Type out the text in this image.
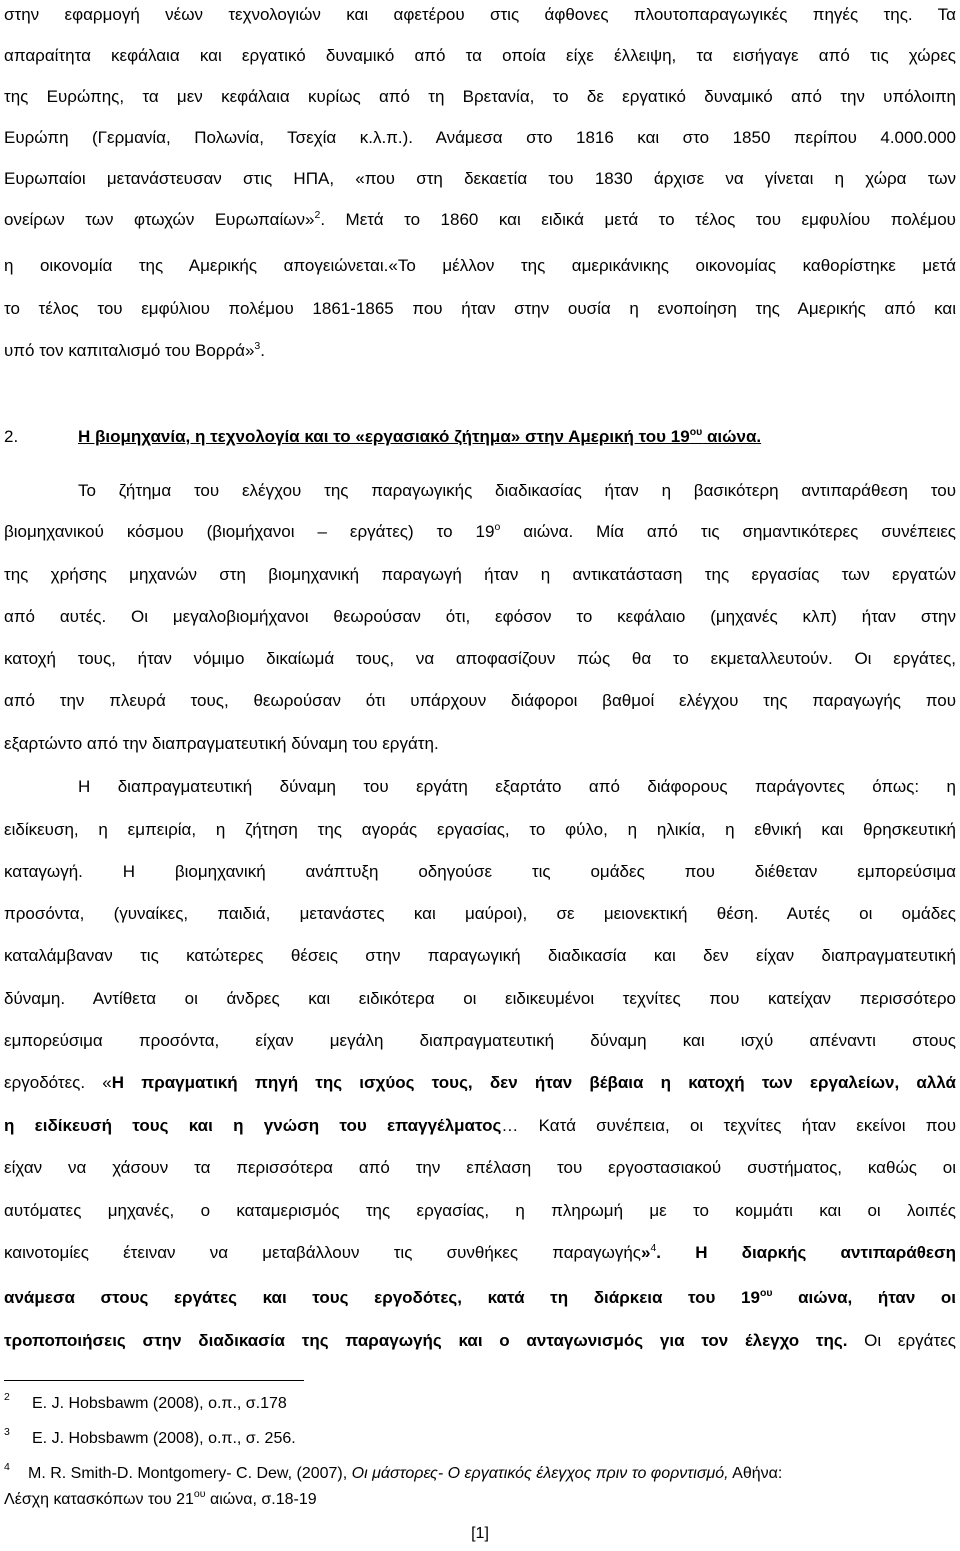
στην εφαρμογή νέων τεχνολογιών και αφετέρου στις άφθονες πλουτοπαραγωγικές πηγές της. Τα
απαραίτητα κεφάλαια και εργατικό δυναμικό από τα οποία είχε έλλειψη, τα εισήγαγε από τις χώρες
της Ευρώπης, τα μεν κεφάλαια κυρίως από τη Βρετανία, το δε εργατικό δυναμικό από την υπόλοιπη
Ευρώπη (Γερμανία, Πολωνία, Τσεχία κ.λ.π.). Ανάμεσα στο 1816 και στο 1850 περίπου 4.000.000
Ευρωπαίοι μετανάστευσαν στις ΗΠΑ, «που στη δεκαετία του 1830 άρχισε να γίνεται η χώρα των
ονείρων των φτωχών Ευρωπαίων»$^2$. Μετά το 1860 και ειδικά μετά το τέλος του εμφυλίου πολέμου
η οικονομία της Αμερικής απογειώνεται.«Το μέλλον της αμερικάνικης οικονομίας καθορίστηκε μετά
το τέλος του εμφύλιου πολέμου 1861-1865 που ήταν στην ουσία η ενοποίηση της Αμερικής από και
υπό τον καπιταλισμό του Βορρά»$^3$.
2.	Η βιομηχανία, η τεχνολογία και το «εργασιακό ζήτημα» στην Αμερική του $19^{o\upsilon}$ αιώνα.
Το ζήτημα του ελέγχου της παραγωγικής διαδικασίας ήταν η βασικότερη αντιπαράθεση του
βιομηχανικού κόσμου (βιομήχανοι – εργάτες) το $19^o$ αιώνα. Μία από τις σημαντικότερες συνέπειες
της χρήσης μηχανών στη βιομηχανική παραγωγή ήταν η αντικατάσταση της εργασίας των εργατών
από αυτές. Οι μεγαλοβιομήχανοι θεωρούσαν ότι, εφόσον το κεφάλαιο (μηχανές κλπ) ήταν στην
κατοχή τους, ήταν νόμιμο δικαίωμά τους, να αποφασίζουν πώς θα το εκμεταλλευτούν. Οι εργάτες,
από την πλευρά τους, θεωρούσαν ότι υπάρχουν διάφοροι βαθμοί ελέγχου της παραγωγής που
εξαρτώντο από την διαπραγματευτική δύναμη του εργάτη.
Η διαπραγματευτική δύναμη του εργάτη εξαρτάτο από διάφορους παράγοντες όπως: η
ειδίκευση, η εμπειρία, η ζήτηση της αγοράς εργασίας, το φύλο, η ηλικία, η εθνική και θρησκευτική
καταγωγή. Η βιομηχανική ανάπτυξη οδηγούσε τις ομάδες που διέθεταν εμπορεύσιμα
προσόντα, (γυναίκες, παιδιά, μετανάστες και μαύροι), σε μειονεκτική θέση. Αυτές οι ομάδες
καταλάμβαναν τις κατώτερες θέσεις στην παραγωγική διαδικασία και δεν είχαν διαπραγματευτική
δύναμη. Αντίθετα οι άνδρες και ειδικότερα οι ειδικευμένοι τεχνίτες που κατείχαν περισσότερο
εμπορεύσιμα προσόντα, είχαν μεγάλη διαπραγματευτική δύναμη και ισχύ απέναντι στους
εργοδότες. «Η πραγματική πηγή της ισχύος τους, δεν ήταν βέβαια η κατοχή των εργαλείων, αλλά
η ειδίκευσή τους και η γνώση του επαγγέλματος… Κατά συνέπεια, οι τεχνίτες ήταν εκείνοι που
είχαν να χάσουν τα περισσότερα από την επέλαση του εργοστασιακού συστήματος, καθώς οι
αυτόματες μηχανές, ο καταμερισμός της εργασίας, η πληρωμή με το κομμάτι και οι λοιπές
καινοτομίες έτειναν να μεταβάλλουν τις συνθήκες παραγωγής»$^4$. Η διαρκής αντιπαράθεση
ανάμεσα στους εργάτες και τους εργοδότες, κατά τη διάρκεια του $19^{o\upsilon}$ αιώνα, ήταν οι
τροποποιήσεις στην διαδικασία της παραγωγής και ο ανταγωνισμός για τον έλεγχο της. Οι εργάτες
2 E. J. Hobsbawm (2008), ο.π., σ.178
3 E. J. Hobsbawm (2008), ο.π., σ. 256.
4 M. R. Smith-D. Montgomery- C. Dew, (2007), Οι μάστορες- Ο εργατικός έλεγχος πριν το φορντισμό, Αθήνα:
Λέσχη κατασκόπων του $21^{o\upsilon}$ αιώνα, σ.18-19
[1]
